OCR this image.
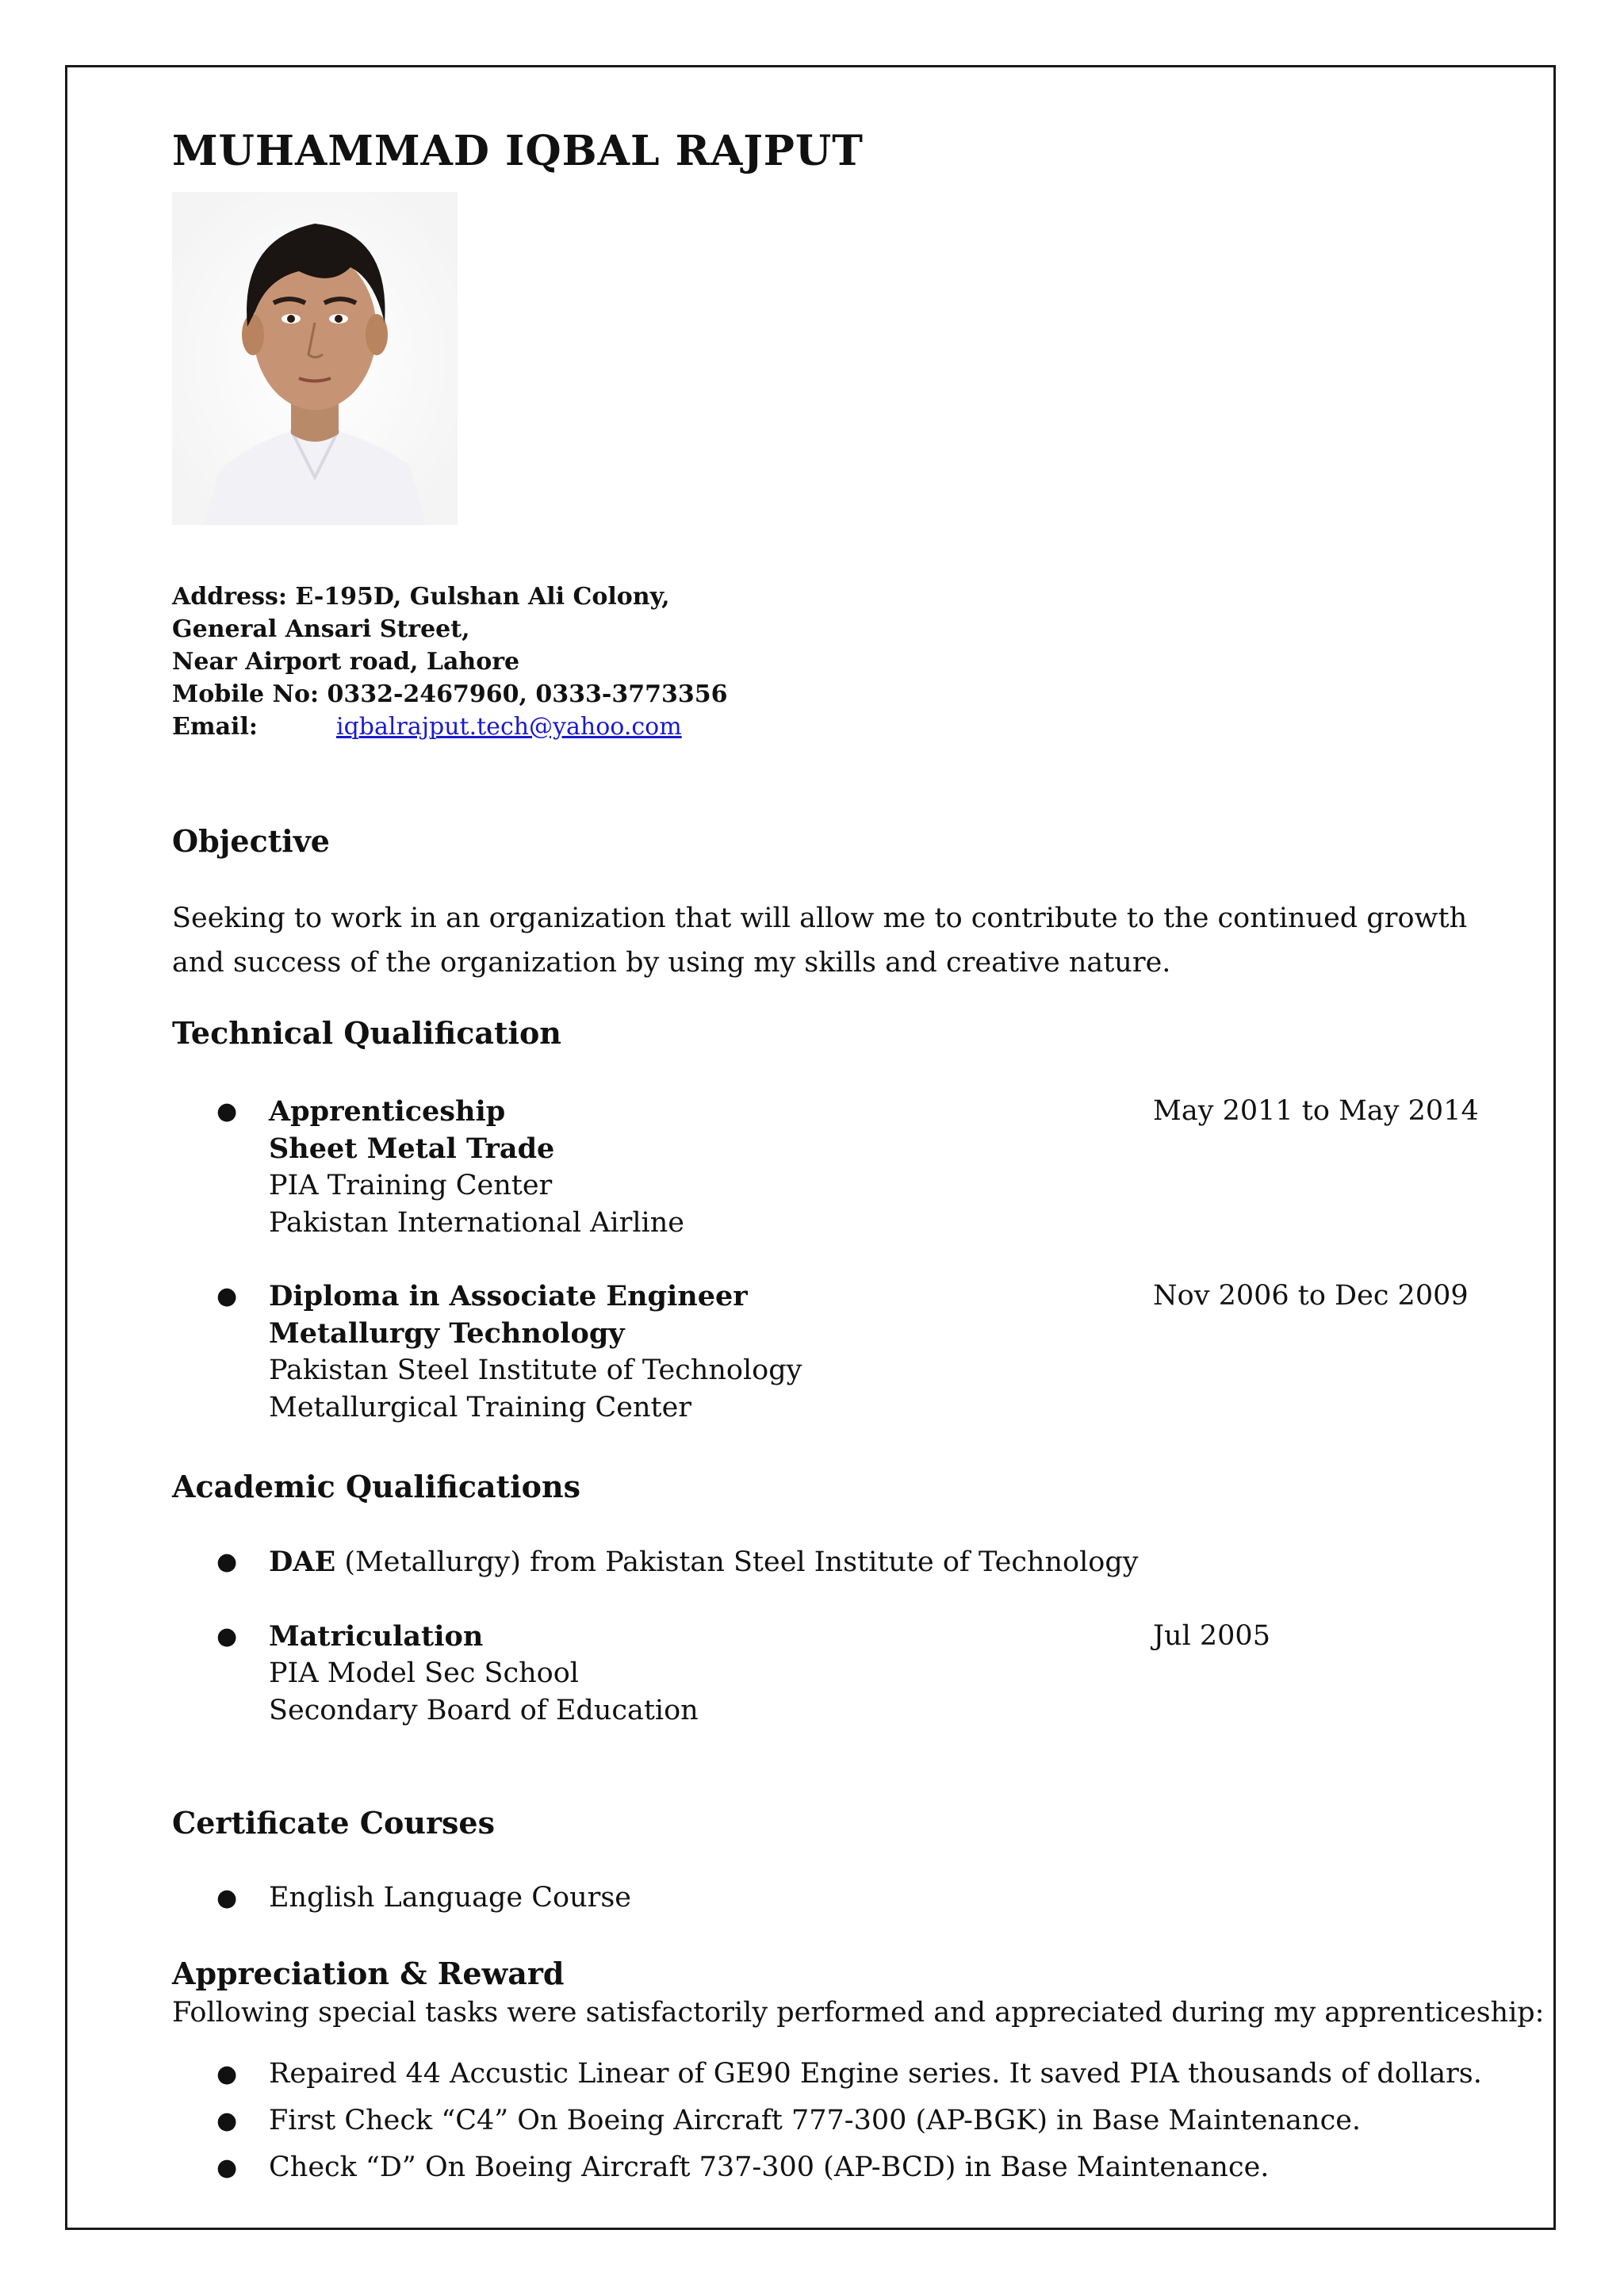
MUHAMMAD IQBAL RAJPUT
Address: E-195D, Gulshan Ali Colony,
General Ansari Street,
Near Airport road, Lahore
Mobile No: 0332-2467960, 0333-3773356
Email:	iqbalrajput.tech@yahoo.com
Objective
Seeking to work in an organization that will allow me to contribute to the continued growth and success of the organization by using my skills and creative nature.
Technical Qualification
● Apprenticeship
Sheet Metal Trade
PIA Training Center
Pakistan International Airline
May 2011 to May 2014
● Diploma in Associate Engineer
Metallurgy Technology
Pakistan Steel Institute of Technology
Metallurgical Training Center
Nov 2006 to Dec 2009
Academic Qualifications
● DAE (Metallurgy) from Pakistan Steel Institute of Technology
● Matriculation
PIA Model Sec School
Secondary Board of Education
Jul 2005
Certificate Courses
● English Language Course
Appreciation & Reward
Following special tasks were satisfactorily performed and appreciated during my apprenticeship:
● Repaired 44 Accustic Linear of GE90 Engine series. It saved PIA thousands of dollars.
● First Check “C4” On Boeing Aircraft 777-300 (AP-BGK) in Base Maintenance.
● Check “D” On Boeing Aircraft 737-300 (AP-BCD) in Base Maintenance.
